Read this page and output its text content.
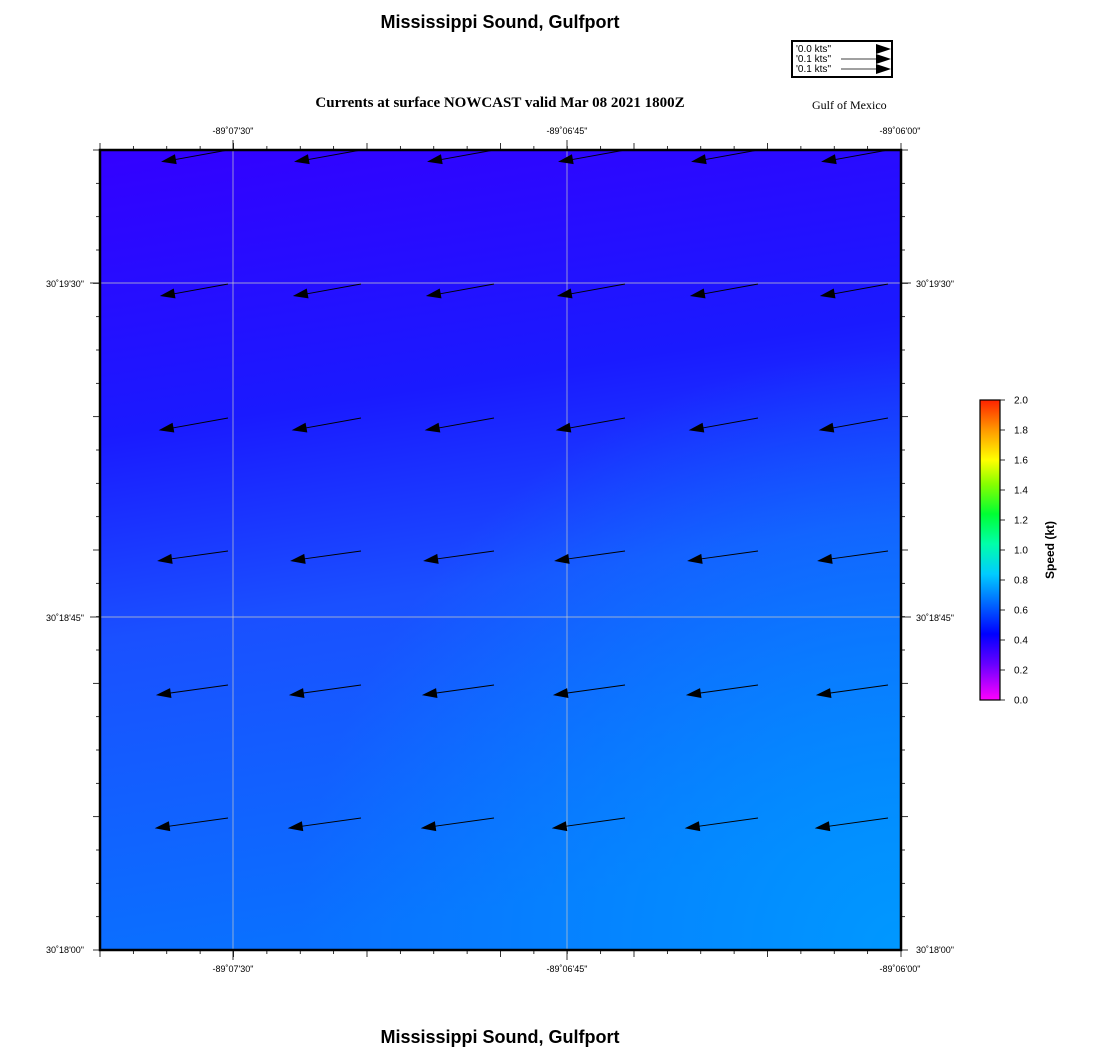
Mississippi Sound, Gulfport
Currents at surface NOWCAST valid Mar 08 2021 1800Z	Gulf of Mexico
'0.0 kts''
'0.1 kts''
'0.1 kts''
-89˚07'30"	-89˚06'45"	-89˚06'00"
-89˚07'30"	-89˚06'45"	-89˚06'00"
30˚19'30"
30˚18'45"
30˚18'00"
30˚19'30"
30˚18'45"
30˚18'00"
0.0
0.2
0.4
0.6
0.8
1.0
1.2
1.4
1.6
1.8
2.0
Speed (kt)
Mississippi Sound, Gulfport
